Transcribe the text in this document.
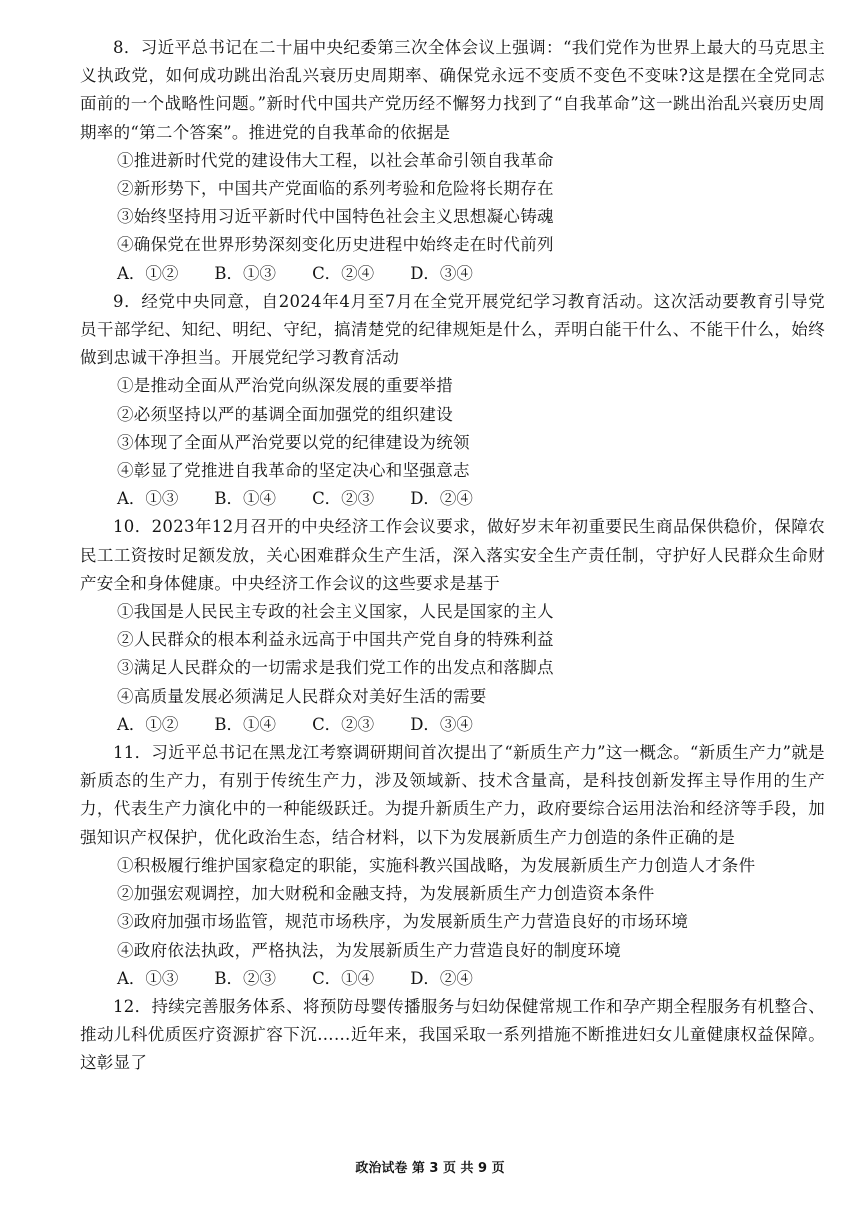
8．习近平总书记在二十届中央纪委第三次全体会议上强调：“我们党作为世界上最大的马克思主义执政党，如何成功跳出治乱兴衰历史周期率、确保党永远不变质不变色不变味?这是摆在全党同志面前的一个战略性问题。”新时代中国共产党历经不懈努力找到了“自我革命”这一跳出治乱兴衰历史周期率的“第二个答案”。推进党的自我革命的依据是

①推进新时代党的建设伟大工程，以社会革命引领自我革命
②新形势下，中国共产党面临的系列考验和危险将长期存在
③始终坚持用习近平新时代中国特色社会主义思想凝心铸魂
④确保党在世界形势深刻变化历史进程中始终走在时代前列
A．①② B．①③ C．②④ D．③④

9．经党中央同意，自2024年4月至7月在全党开展党纪学习教育活动。这次活动要教育引导党员干部学纪、知纪、明纪、守纪，搞清楚党的纪律规矩是什么，弄明白能干什么、不能干什么，始终做到忠诚干净担当。开展党纪学习教育活动

①是推动全面从严治党向纵深发展的重要举措
②必须坚持以严的基调全面加强党的组织建设
③体现了全面从严治党要以党的纪律建设为统领
④彰显了党推进自我革命的坚定决心和坚强意志
A．①③ B．①④ C．②③ D．②④

10．2023年12月召开的中央经济工作会议要求，做好岁末年初重要民生商品保供稳价，保障农民工工资按时足额发放，关心困难群众生产生活，深入落实安全生产责任制，守护好人民群众生命财产安全和身体健康。中央经济工作会议的这些要求是基于

①我国是人民民主专政的社会主义国家，人民是国家的主人
②人民群众的根本利益永远高于中国共产党自身的特殊利益
③满足人民群众的一切需求是我们党工作的出发点和落脚点
④高质量发展必须满足人民群众对美好生活的需要
A．①② B．①④ C．②③ D．③④

11．习近平总书记在黑龙江考察调研期间首次提出了“新质生产力”这一概念。“新质生产力”就是新质态的生产力，有别于传统生产力，涉及领域新、技术含量高，是科技创新发挥主导作用的生产力，代表生产力演化中的一种能级跃迁。为提升新质生产力，政府要综合运用法治和经济等手段，加强知识产权保护，优化政治生态，结合材料，以下为发展新质生产力创造的条件正确的是

①积极履行维护国家稳定的职能，实施科教兴国战略，为发展新质生产力创造人才条件
②加强宏观调控，加大财税和金融支持，为发展新质生产力创造资本条件
③政府加强市场监管，规范市场秩序，为发展新质生产力营造良好的市场环境
④政府依法执政，严格执法，为发展新质生产力营造良好的制度环境
A．①③ B．②③ C．①④ D．②④

12．持续完善服务体系、将预防母婴传播服务与妇幼保健常规工作和孕产期全程服务有机整合、推动儿科优质医疗资源扩容下沉……近年来，我国采取一系列措施不断推进妇女儿童健康权益保障。这彰显了

政治试卷 第 3 页 共 9 页
